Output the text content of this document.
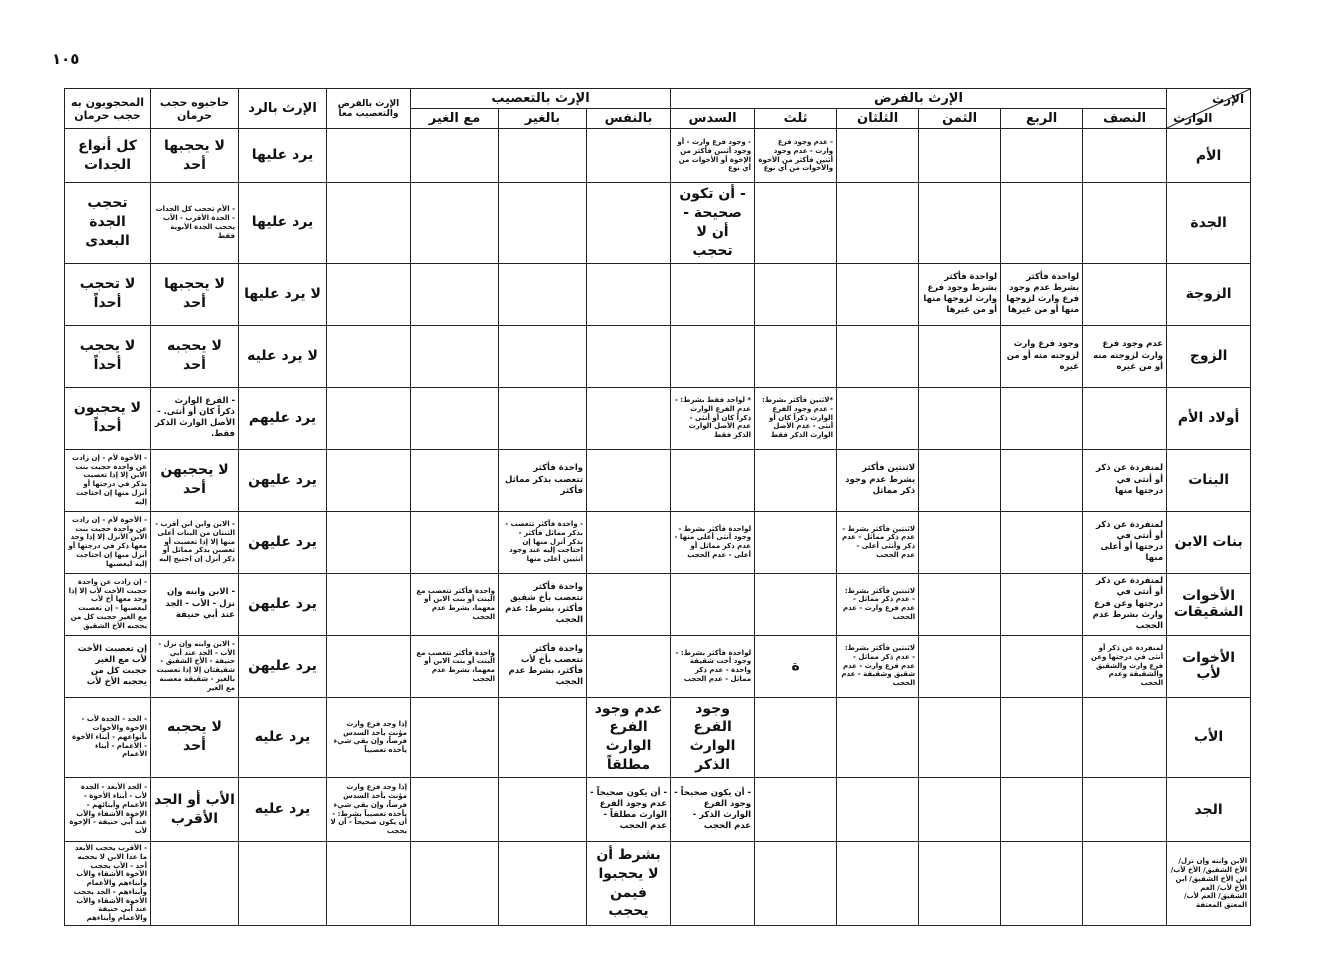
١٠٥
الإرث
الوارث	الإرث بالفرض						الإرث بالتعصيب			الإرث بالفرض والتعصيب معاً	الإرث بالرد	حاجبوه حجب حرمان	المحجوبون به حجب حرمان
	النصف	الربع	الثمن	الثلثان	ثلث	السدس	بالنفس	بالغير	مع الغير				
الأم					- عدم وجود فرع وارث - عدم وجود أثنين فأكثر من الأخوة والأخوات من أي نوع	- وجود فرع وارث - أو وجود أثنين فأكثر من الإخوة أو الأخوات من أي نوع					يرد عليها	لا يحجبها أحد	كل أنواع الجدات
الجدة						- أن تكون صحيحة - أن لا تحجب					يرد عليها	- الأم تحجب كل الجدات - الجدة الأقرب - الأب يحجب الجدة الأبوية فقط	تحجب الجدة البعدى
الزوجة		لواحدة فأكثر بشرط عدم وجود فرع وارث لزوجها منها أو من غيرها	لواحدة فأكثر بشرط وجود فرع وارث لزوجها منها أو من غيرها								لا يرد عليها	لا يحجبها أحد	لا تحجب أحداً
الزوج	عدم وجود فرع وارث لزوجته منه أو من غيره	وجود فرع وارث لزوجته منه أو من غيره									لا يرد عليه	لا يحجبه أحد	لا يحجب أحداً
أولاد الأم					*لاثنين فأكثر بشرط: - عدم وجود الفرع الوارث ذكراً كان أو أنثى - عدم الأصل الوارث الذكر فقط	* لواحد فقط بشرط: - عدم الفرع الوارث ذكراً كان أو أنثى - عدم الأصل الوارث الذكر فقط					يرد عليهم	- الفرع الوارث ذكراً كان أو أنثى. - الأصل الوارث الذكر فقط.	لا يحجبون أحداً
البنات	لمنفردة عن ذكر أو أنثى في درجتها منها			لاثنتين فأكثر بشرط عدم وجود ذكر مماثل				واحدة فأكثر تتعصب بذكر مماثل فأكثر			يرد عليهن	لا يحجبهن أحد	- الأخوة لأم - إن زادت عن واحدة حجبت بنت الابن إلا إذا تعصبت بذكر في درجتها أو أنزل منها إن احتاجت إليه
بنات الابن	لمنفردة عن ذكر أو أنثى في درجتها أو أعلى منها			لاثنتين فأكثر بشرط - عدم ذكر مماثل - عدم ذكر وأنثى أعلى - عدم الحجب		لواحدة فأكثر بشرط - وجود أنثى أعلى منها - عدم ذكر مماثل أو أعلى - عدم الحجب		- واحدة فأكثر تتعصب - بذكر مماثل فأكثر - بذكر أنزل منها إن احتاجت إليه عند وجود أنثيين أعلى منها			يرد عليهن	- الابن وابن ابن أقرب - الثنتان من البنات أعلى منها إلا إذا تعصبت أو تعصبن بذكر مماثل أو ذكر أنزل إن احتيج إليه	- الأخوة لأم - إن زادت عن واحدة حجبت بنت الابن الأنزل إلا إذا وجد معها ذكر في درجتها أو أنزل منها إن احتاجت إليه ليعصبها
الأخوات الشقيقات	لمنفردة عن ذكر أو أنثى في درجتها وعن فرع وارث بشرط عدم الحجب			لاثنتين فأكثر بشرط: - عدم ذكر مماثل - عدم فرع وارث - عدم الحجب				واحدة فأكثر تتعصب بأخ شقيق فأكثر، بشرط: عدم الحجب	واحدة فأكثر تتعصب مع البنت أو بنت الابن أو معهما، بشرط عدم الحجب		يرد عليهن	- الابن وابنه وإن نزل - الأب - الجد عند أبي حنيفة	- إن زادت عن واحدة حجبت الأخت لأب إلا إذا وجد معها أخ لأب ليعصبها - إن تعصبت مع الغير حجبت كل من يحجبه الأخ الشقيق
الأخوات لأب	لمنفردة عن ذكر أو أنثى في درجتها وعن فرع وارث والشقيق والشقيقة وعدم الحجب			لاثنتين فأكثر بشرط: - عدم ذكر مماثل - عدم فرع وارث - عدم شقيق وشقيقة - عدم الحجب	ة	لواحدة فأكثر بشرط: - وجود أخت شقيقة واحدة - عدم ذكر مماثل - عدم الحجب		واحدة فأكثر تتعصب بأخ لأب فأكثر، بشرط عدم الحجب	واحدة فأكثر تتعصب مع البنت أو بنت الابن أو معهما، بشرط عدم الحجب		يرد عليهن	- الابن وابنه وإن نزل - الأب - الجد عند أبي حنيفة - الأخ الشقيق - شقيقتان إلا إذا تعصبت بالغير - شقيقة معصبة مع الغير	إن تعصبت الأخت لأب مع الغير حجبت كل من يحجبه الأخ لأب
الأب						وجود الفرع الوارث الذكر	عدم وجود الفرع الوارث مطلقاً			إذا وجد فرع وارث مؤنث يأخذ السدس فرضاً، وإن بقي شيء يأخذه تعصيباً	يرد عليه	لا يحجبه أحد	- الجد - الجدة لأب - الإخوة والأخوات بأنواعهم - أبناء الأخوة - الأعمام - أبناء الأعمام
الجد						- أن يكون صحيحاً - وجود الفرع الوارث الذكر - عدم الحجب	- أن يكون صحيحاً - عدم وجود الفرع الوارث مطلقاً - عدم الحجب			إذا وجد فرع وارث مؤنث يأخذ السدس فرضاً، وإن بقي شيء يأخذه تعصيباً بشرط: - أن يكون صحيحاً - أن لا يحجب	يرد عليه	الأب أو الجد الأقرب	- الجد الأبعد - الجدة لأب - أبناء الأخوة - الأعمام وأبنائهم - الإخوة الأشقاء والأب عند أبي حنيفة - الإخوة لأب
الابن وابنه وإن نزل/ الأخ الشقيق/ الأخ لأب/ ابن الأخ الشقيق/ ابن الأخ لأب/ العم الشقيق/ العم لأب/ المعتق المعتقة							بشرط أن لا يحجبوا فيمن يحجب						- الأقرب يحجب الأبعد ما عدا الابن لا يحجبه أحد - الأب يحجب الأخوة الأشقاء والأب وأبناءهم والأعمام وأبناءهم - الجد يحجب الأخوة الأشقاء والأب عند أبي حنيفة والأعمام وأبناءهم
